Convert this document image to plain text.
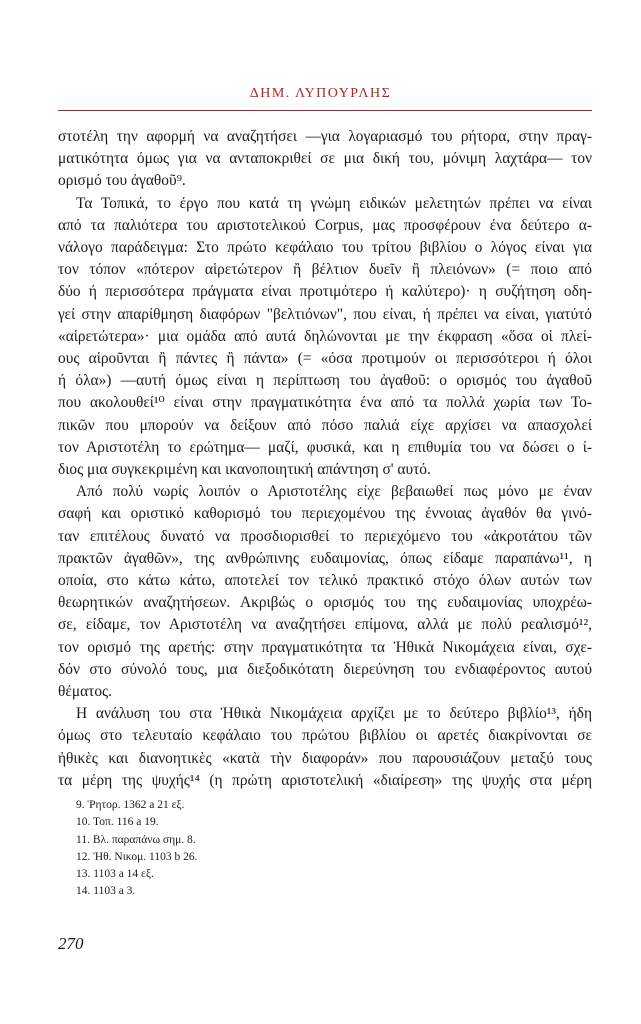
ΔΗΜ. ΛΥΠΟΥΡΛΗΣ

στοτέλη την αφορμή να αναζητήσει —για λογαριασμό του ρήτορα, στην πραγ-
ματικότητα όμως για να ανταποκριθεί σε μια δική του, μόνιμη λαχτάρα— τον
ορισμό του ἀγαθοῦ⁹.

Τα Τοπικά, το έργο που κατά τη γνώμη ειδικών μελετητών πρέπει να είναι
από τα παλιότερα του αριστοτελικού Corpus, μας προσφέρουν ένα δεύτερο α-
νάλογο παράδειγμα: Στο πρώτο κεφάλαιο του τρίτου βιβλίου ο λόγος είναι για
τον τόπον «πότερον αἱρετώτερον ἢ βέλτιον δυεῖν ἢ πλειόνων» (= ποιο από
δύο ή περισσότερα πράγματα είναι προτιμότερο ή καλύτερο)· η συζήτηση οδη-
γεί στην απαρίθμηση διαφόρων "βελτιόνων", που είναι, ή πρέπει να είναι, γιατύτό
«αἱρετώτερα»· μια ομάδα από αυτά δηλώνονται με την έκφραση «ὅσα οἱ πλεί-
ους αἱροῦνται ἢ πάντες ἢ πάντα» (= «όσα προτιμούν οι περισσότεροι ή όλοι
ή όλα») —αυτή όμως είναι η περίπτωση του ἀγαθοῦ: ο ορισμός του ἀγαθοῦ
που ακολουθεί¹⁰ είναι στην πραγματικότητα ένα από τα πολλά χωρία των Το-
πικῶν που μπορούν να δείξουν από πόσο παλιά είχε αρχίσει να απασχολεί
τον Αριστοτέλη το ερώτημα— μαζί, φυσικά, και η επιθυμία του να δώσει ο ί-
διος μια συγκεκριμένη και ικανοποιητική απάντηση σ' αυτό.

Από πολύ νωρίς λοιπόν ο Αριστοτέλης είχε βεβαιωθεί πως μόνο με έναν
σαφή και οριστικό καθορισμό του περιεχομένου της έννοιας ἀγαθόν θα γινό-
ταν επιτέλους δυνατό να προσδιορισθεί το περιεχόμενο του «ἀκροτάτου τῶν
πρακτῶν ἀγαθῶν», της ανθρώπινης ευδαιμονίας, όπως είδαμε παραπάνω¹¹, η
οποία, στο κάτω κάτω, αποτελεί τον τελικό πρακτικό στόχο όλων αυτών των
θεωρητικών αναζητήσεων. Ακριβώς ο ορισμός του της ευδαιμονίας υποχρέω-
σε, είδαμε, τον Αριστοτέλη να αναζητήσει επίμονα, αλλά με πολύ ρεαλισμό¹²,
τον ορισμό της αρετής: στην πραγματικότητα τα Ἠθικὰ Νικομάχεια είναι, σχε-
δόν στο σύνολό τους, μια διεξοδικότατη διερεύνηση του ενδιαφέροντος αυτού
θέματος.

Η ανάλυση του στα Ἠθικὰ Νικομάχεια αρχίζει με το δεύτερο βιβλίο¹³, ήδη
όμως στο τελευταίο κεφάλαιο του πρώτου βιβλίου οι αρετές διακρίνονται σε
ἠθικὲς και διανοητικὲς «κατὰ τὴν διαφοράν» που παρουσιάζουν μεταξύ τους
τα μέρη της ψυχής¹⁴ (η πρώτη αριστοτελική «διαίρεση» της ψυχής στα μέρη

9. Ῥητορ. 1362 a 21 εξ.
10. Τοπ. 116 a 19.
11. Βλ. παραπάνω σημ. 8.
12. Ἠθ. Νικομ. 1103 b 26.
13. 1103 a 14 εξ.
14. 1103 a 3.
270
